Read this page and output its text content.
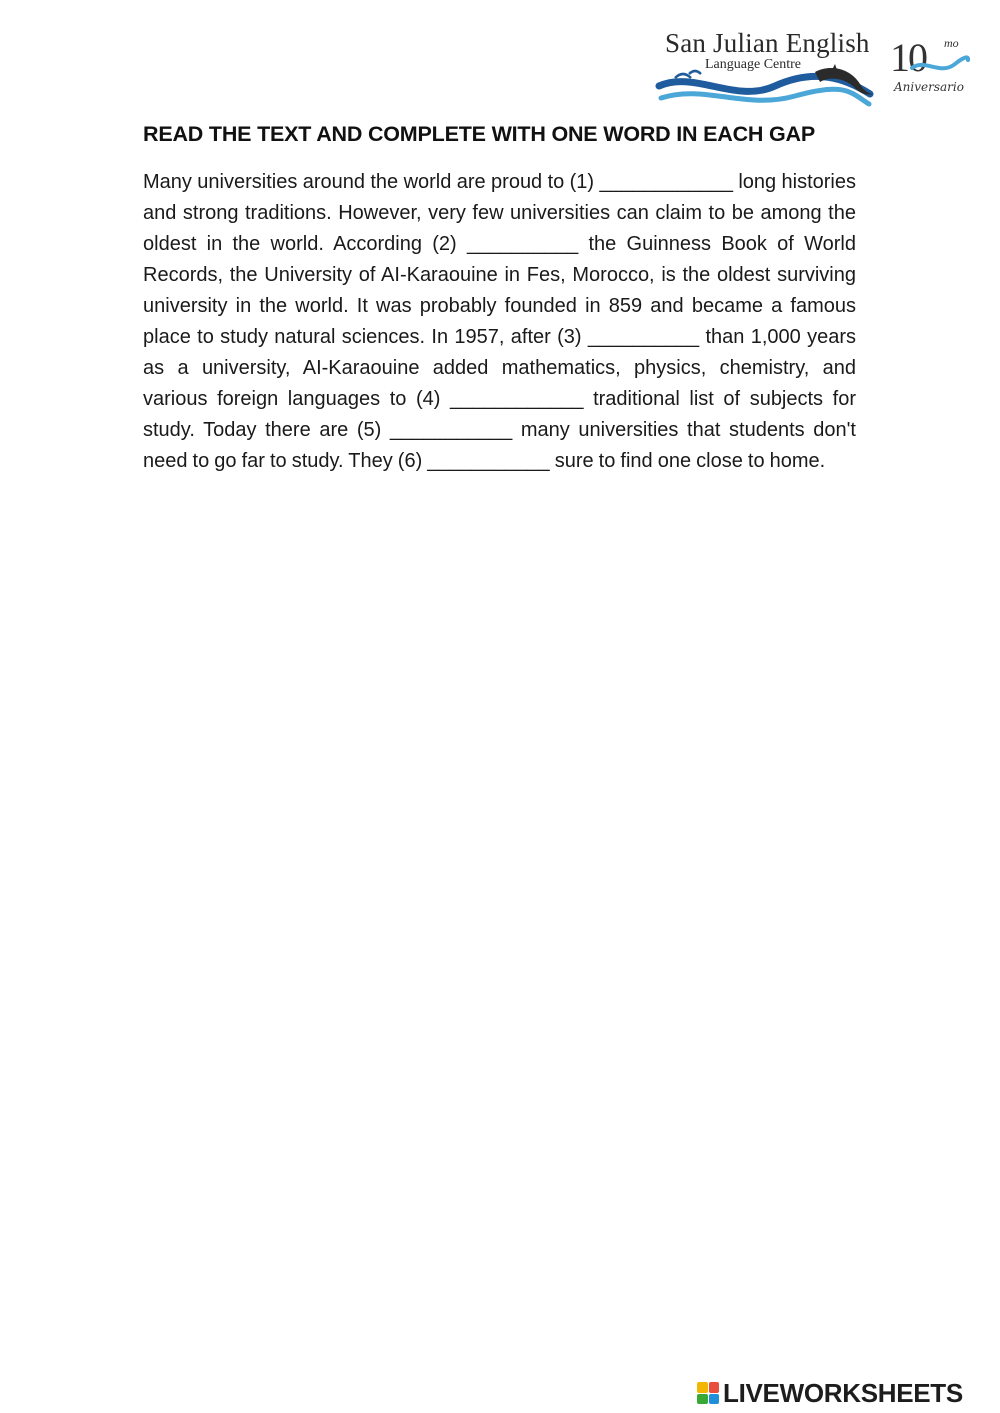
San Julian English
Language Centre 10 mo
Aniversario
READ THE TEXT AND COMPLETE WITH ONE WORD IN EACH GAP

Many universities around the world are proud to (1) ____________ long histories and strong traditions. However, very few universities can claim to be among the oldest in the world. According (2) __________ the Guinness Book of World Records, the University of AI-Karaouine in Fes, Morocco, is the oldest surviving university in the world. It was probably founded in 859 and became a famous place to study natural sciences. In 1957, after (3) __________ than 1,000 years as a university, AI-Karaouine added mathematics, physics, chemistry, and various foreign languages to (4) ____________ traditional list of subjects for study. Today there are (5) ___________ many universities that students don't need to go far to study. They (6) ___________ sure to find one close to home.

LIVEWORKSHEETS
